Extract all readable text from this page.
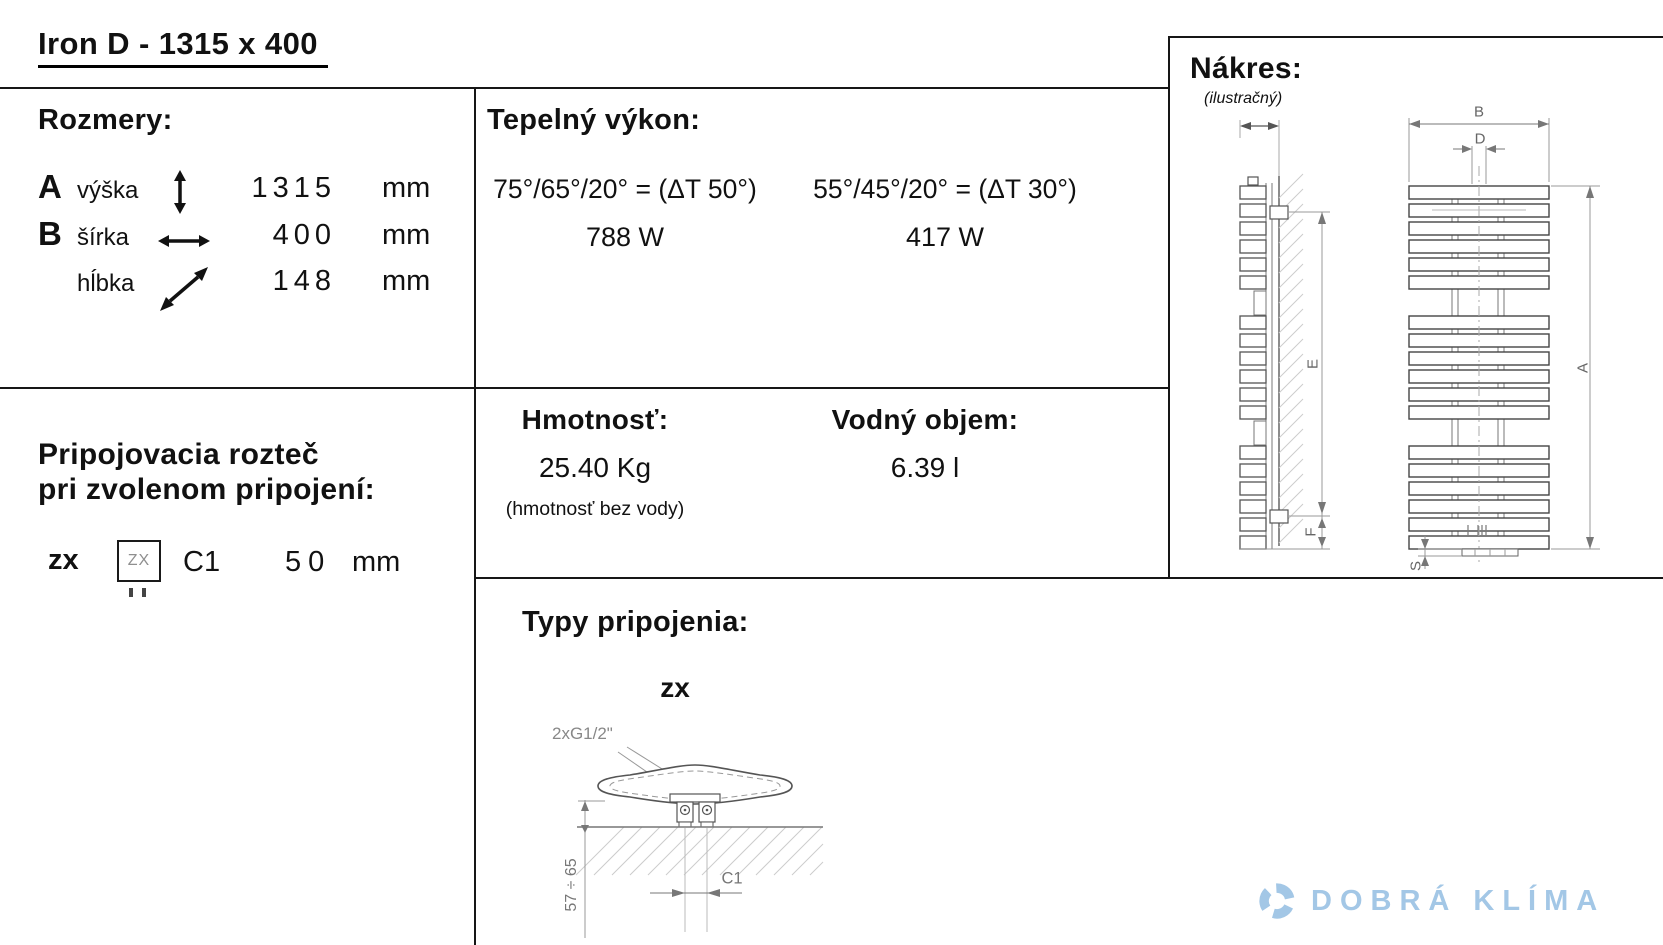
Iron D - 1315 x 400
Rozmery:
A výška	1315 mm
B šírka	400 mm
hĺbka	148 mm
Tepelný výkon:
75°/65°/20° = (ΔT 50°)
788 W
55°/45°/20° = (ΔT 30°)
417 W
Pripojovacia rozteč
pri zvolenom pripojení:
zx	ZX C1 50 mm
Hmotnosť:
25.40 Kg
(hmotnosť bez vody)
Vodný objem:
6.39 l
Typy pripojenia:
zx
2xG1/2"
57 ÷ 65	C1
Nákres:
(ilustračný)
B
D
E
F
A
S
DOBRÁ KLÍMA
